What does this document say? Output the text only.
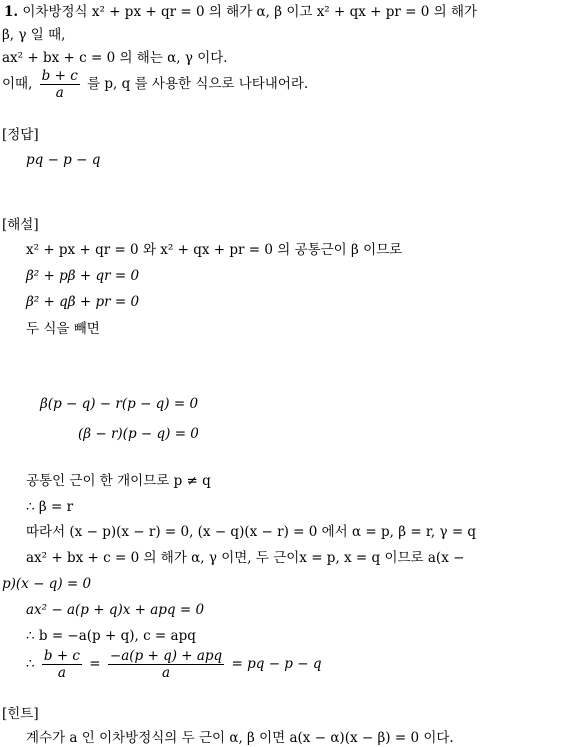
1. 이차방정식 x² + px + qr = 0 의 해가 α, β 이고 x² + qx + pr = 0 의 해가
β, γ 일 때,
ax² + bx + c = 0 의 해는 α, γ 이다.
이때, $\frac{b + c}{a}$ 를 p, q 를 사용한 식으로 나타내어라.
[정답]
pq − p − q
[해설]
x² + px + qr = 0 와 x² + qx + pr = 0 의 공통근이 β 이므로
β² + pβ + qr = 0
β² + qβ + pr = 0
두 식을 빼면
β(p − q) − r(p − q) = 0
(β − r)(p − q) = 0
공통인 근이 한 개이므로 p ≠ q
∴ β = r
따라서 (x − p)(x − r) = 0, (x − q)(x − r) = 0 에서 α = p, β = r, γ = q
ax² + bx + c = 0 의 해가 α, γ 이면, 두 근이x = p, x = q 이므로 a(x −
p)(x − q) = 0
ax² − a(p + q)x + apq = 0
∴ b = −a(p + q), c = apq
∴ $\frac{b + c}{a} = \frac{\text{−a(p + q) + apq}}{a}$ = pq − p − q
[힌트]
계수가 a 인 이차방정식의 두 근이 α, β 이면 a(x − α)(x − β) = 0 이다.
